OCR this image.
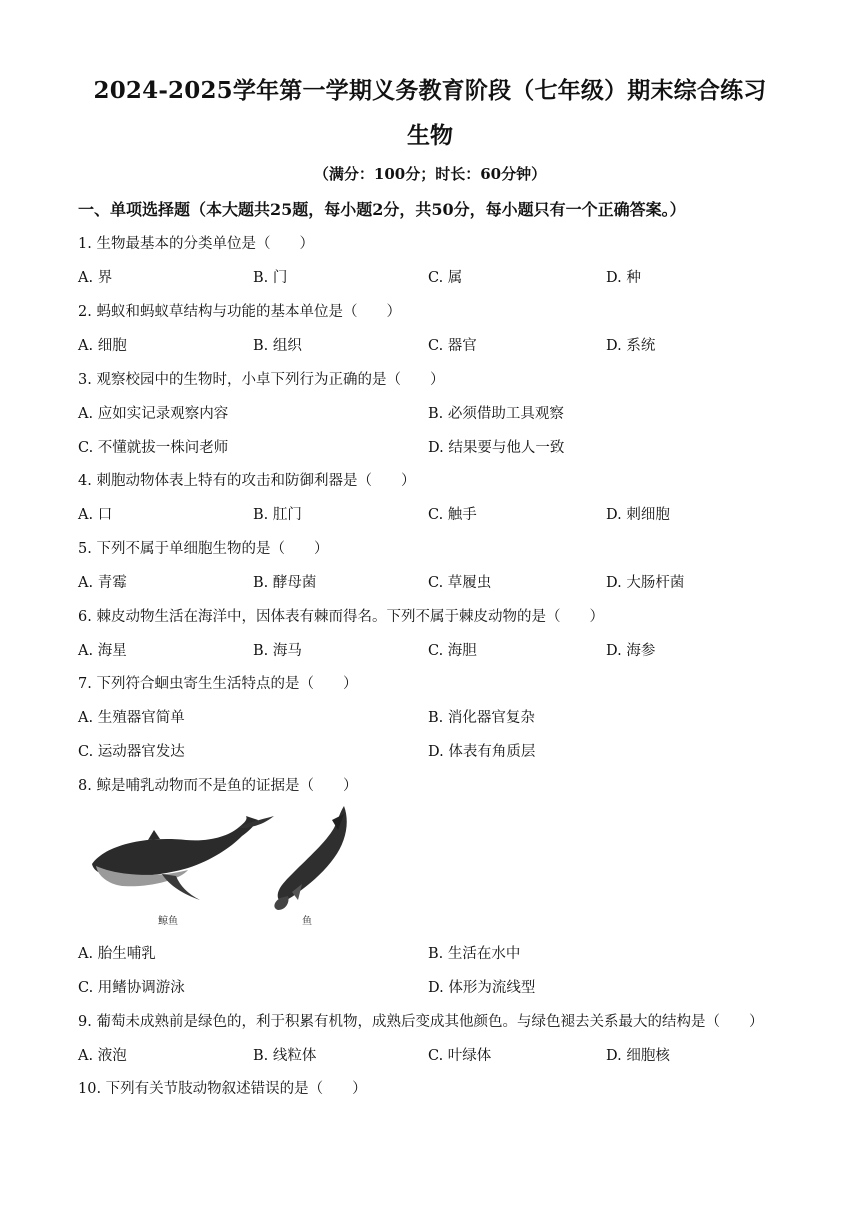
2024-2025学年第一学期义务教育阶段（七年级）期末综合练习
生物
（满分：100分；时长：60分钟）
一、单项选择题（本大题共25题，每小题2分，共50分，每小题只有一个正确答案。）
1. 生物最基本的分类单位是（　　）
A. 界	B. 门	C. 属	D. 种
2. 蚂蚁和蚂蚁草结构与功能的基本单位是（　　）
A. 细胞	B. 组织	C. 器官	D. 系统
3. 观察校园中的生物时，小卓下列行为正确的是（　　）
A. 应如实记录观察内容	B. 必须借助工具观察
C. 不懂就拔一株问老师	D. 结果要与他人一致
4. 刺胞动物体表上特有的攻击和防御利器是（　　）
A. 口	B. 肛门	C. 触手	D. 刺细胞
5. 下列不属于单细胞生物的是（　　）
A. 青霉	B. 酵母菌	C. 草履虫	D. 大肠杆菌
6. 棘皮动物生活在海洋中，因体表有棘而得名。下列不属于棘皮动物的是（　　）
A. 海星	B. 海马	C. 海胆	D. 海参
7. 下列符合蛔虫寄生生活特点的是（　　）
A. 生殖器官简单	B. 消化器官复杂
C. 运动器官发达	D. 体表有角质层
8. 鲸是哺乳动物而不是鱼的证据是（　　）
鲸鱼	鱼
A. 胎生哺乳	B. 生活在水中
C. 用鳍协调游泳	D. 体形为流线型
9. 葡萄未成熟前是绿色的，利于积累有机物，成熟后变成其他颜色。与绿色褪去关系最大的结构是（　　）
A. 液泡	B. 线粒体	C. 叶绿体	D. 细胞核
10. 下列有关节肢动物叙述错误的是（　　）
